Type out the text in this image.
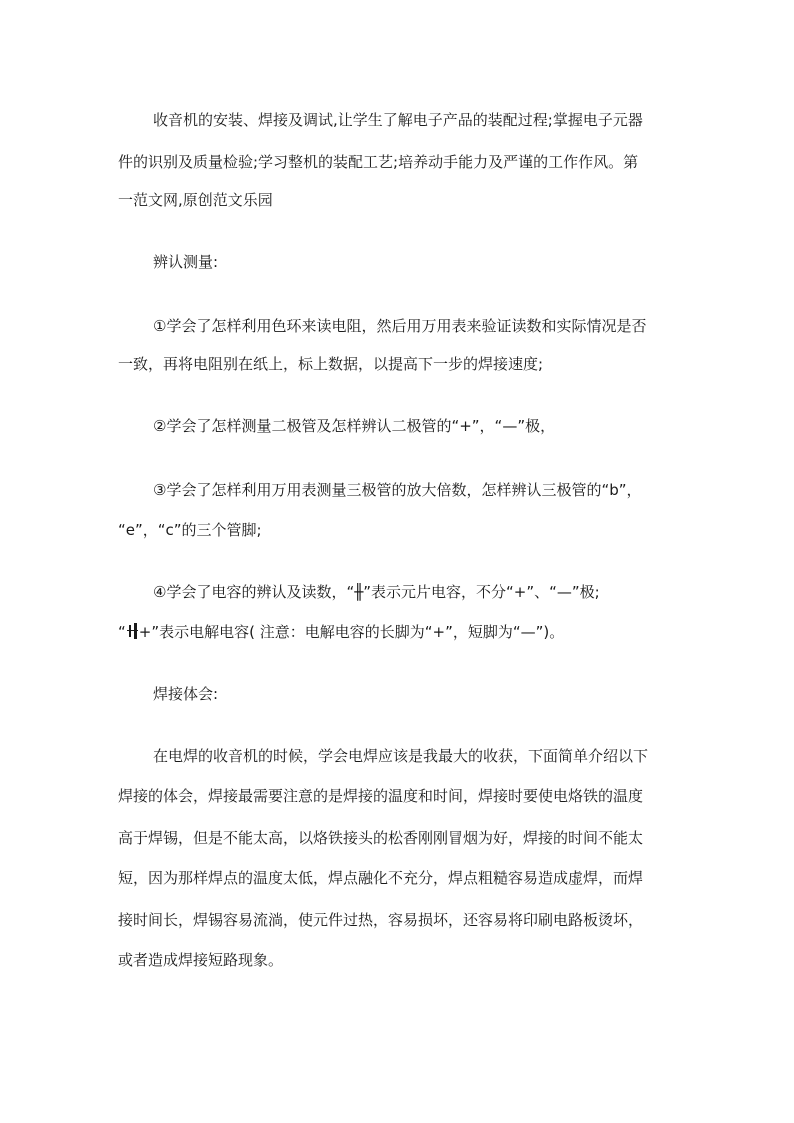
收音机的安装、焊接及调试,让学生了解电子产品的装配过程;掌握电子元器
件的识别及质量检验;学习整机的装配工艺;培养动手能力及严谨的工作作风。第
一范文网,原创范文乐园
辨认测量:
①学会了怎样利用色环来读电阻，然后用万用表来验证读数和实际情况是否
一致，再将电阻别在纸上，标上数据，以提高下一步的焊接速度;
②学会了怎样测量二极管及怎样辨认二极管的“+”，“—”极，
③学会了怎样利用万用表测量三极管的放大倍数，怎样辨认三极管的“b”，
“e”，“c”的三个管脚;
④学会了电容的辨认及读数，“╫”表示元片电容，不分“+”、“—”极;
“ +”表示电解电容( 注意：电解电容的长脚为“+”，短脚为“—”)。
焊接体会:
在电焊的收音机的时候，学会电焊应该是我最大的收获，下面简单介绍以下
焊接的体会，焊接最需要注意的是焊接的温度和时间，焊接时要使电烙铁的温度
高于焊锡，但是不能太高，以烙铁接头的松香刚刚冒烟为好，焊接的时间不能太
短，因为那样焊点的温度太低，焊点融化不充分，焊点粗糙容易造成虚焊，而焊
接时间长，焊锡容易流淌，使元件过热，容易损坏，还容易将印刷电路板烫坏，
或者造成焊接短路现象。
